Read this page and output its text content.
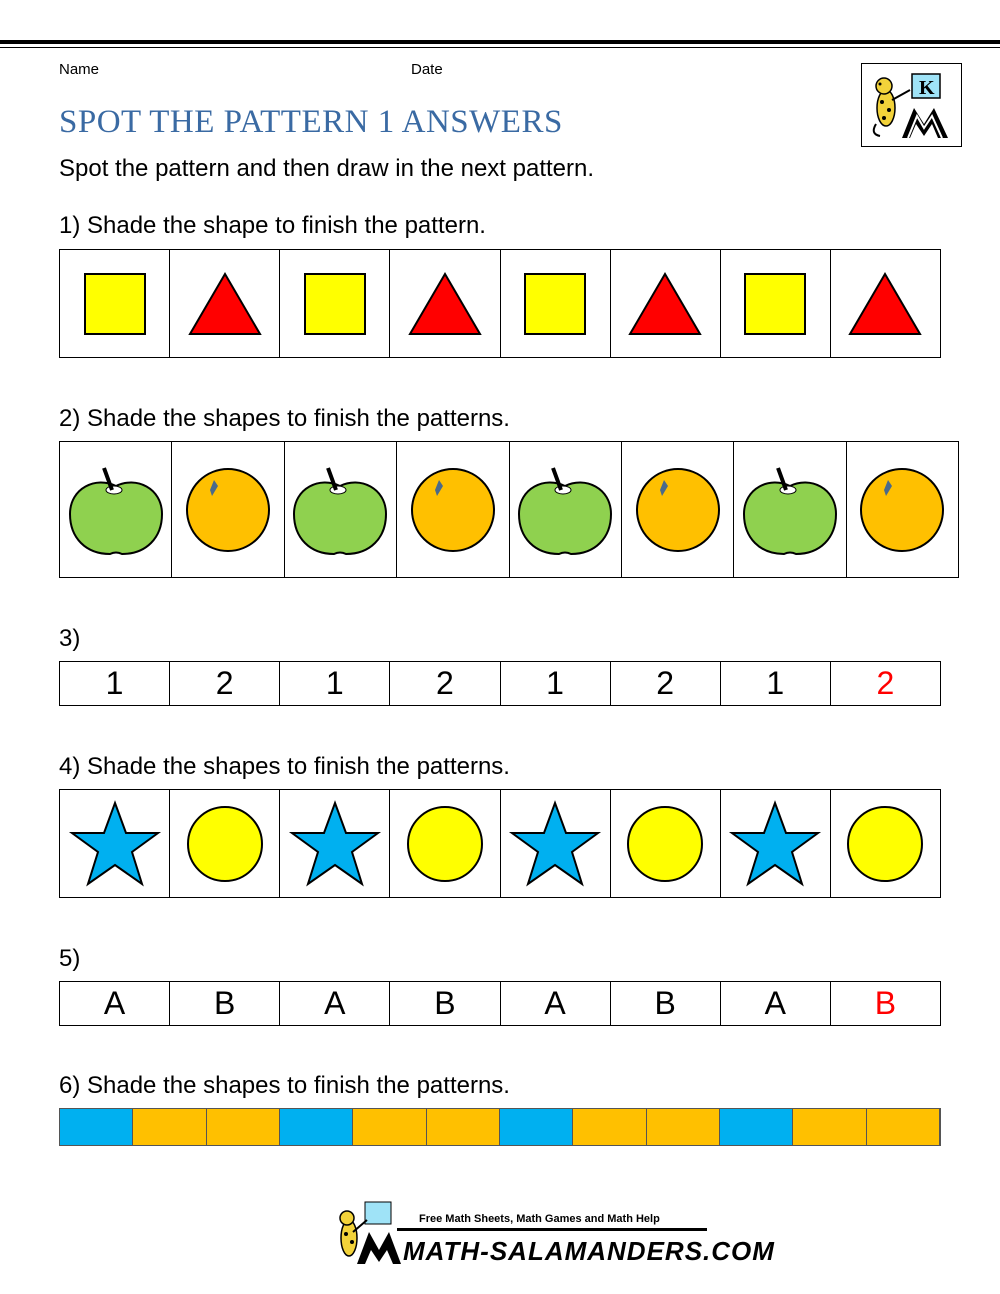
Name	Date
K
SPOT THE PATTERN 1 ANSWERS
Spot the pattern and then draw in the next pattern.
1) Shade the shape to finish the pattern.
2) Shade the shapes to finish the patterns.
3)
1	2	1	2	1	2	1	2
4) Shade the shapes to finish the patterns.
5)
A	B	A	B	A	B	A	B
6) Shade the shapes to finish the patterns.
Free Math Sheets, Math Games and Math Help
MATH-SALAMANDERS.COM
